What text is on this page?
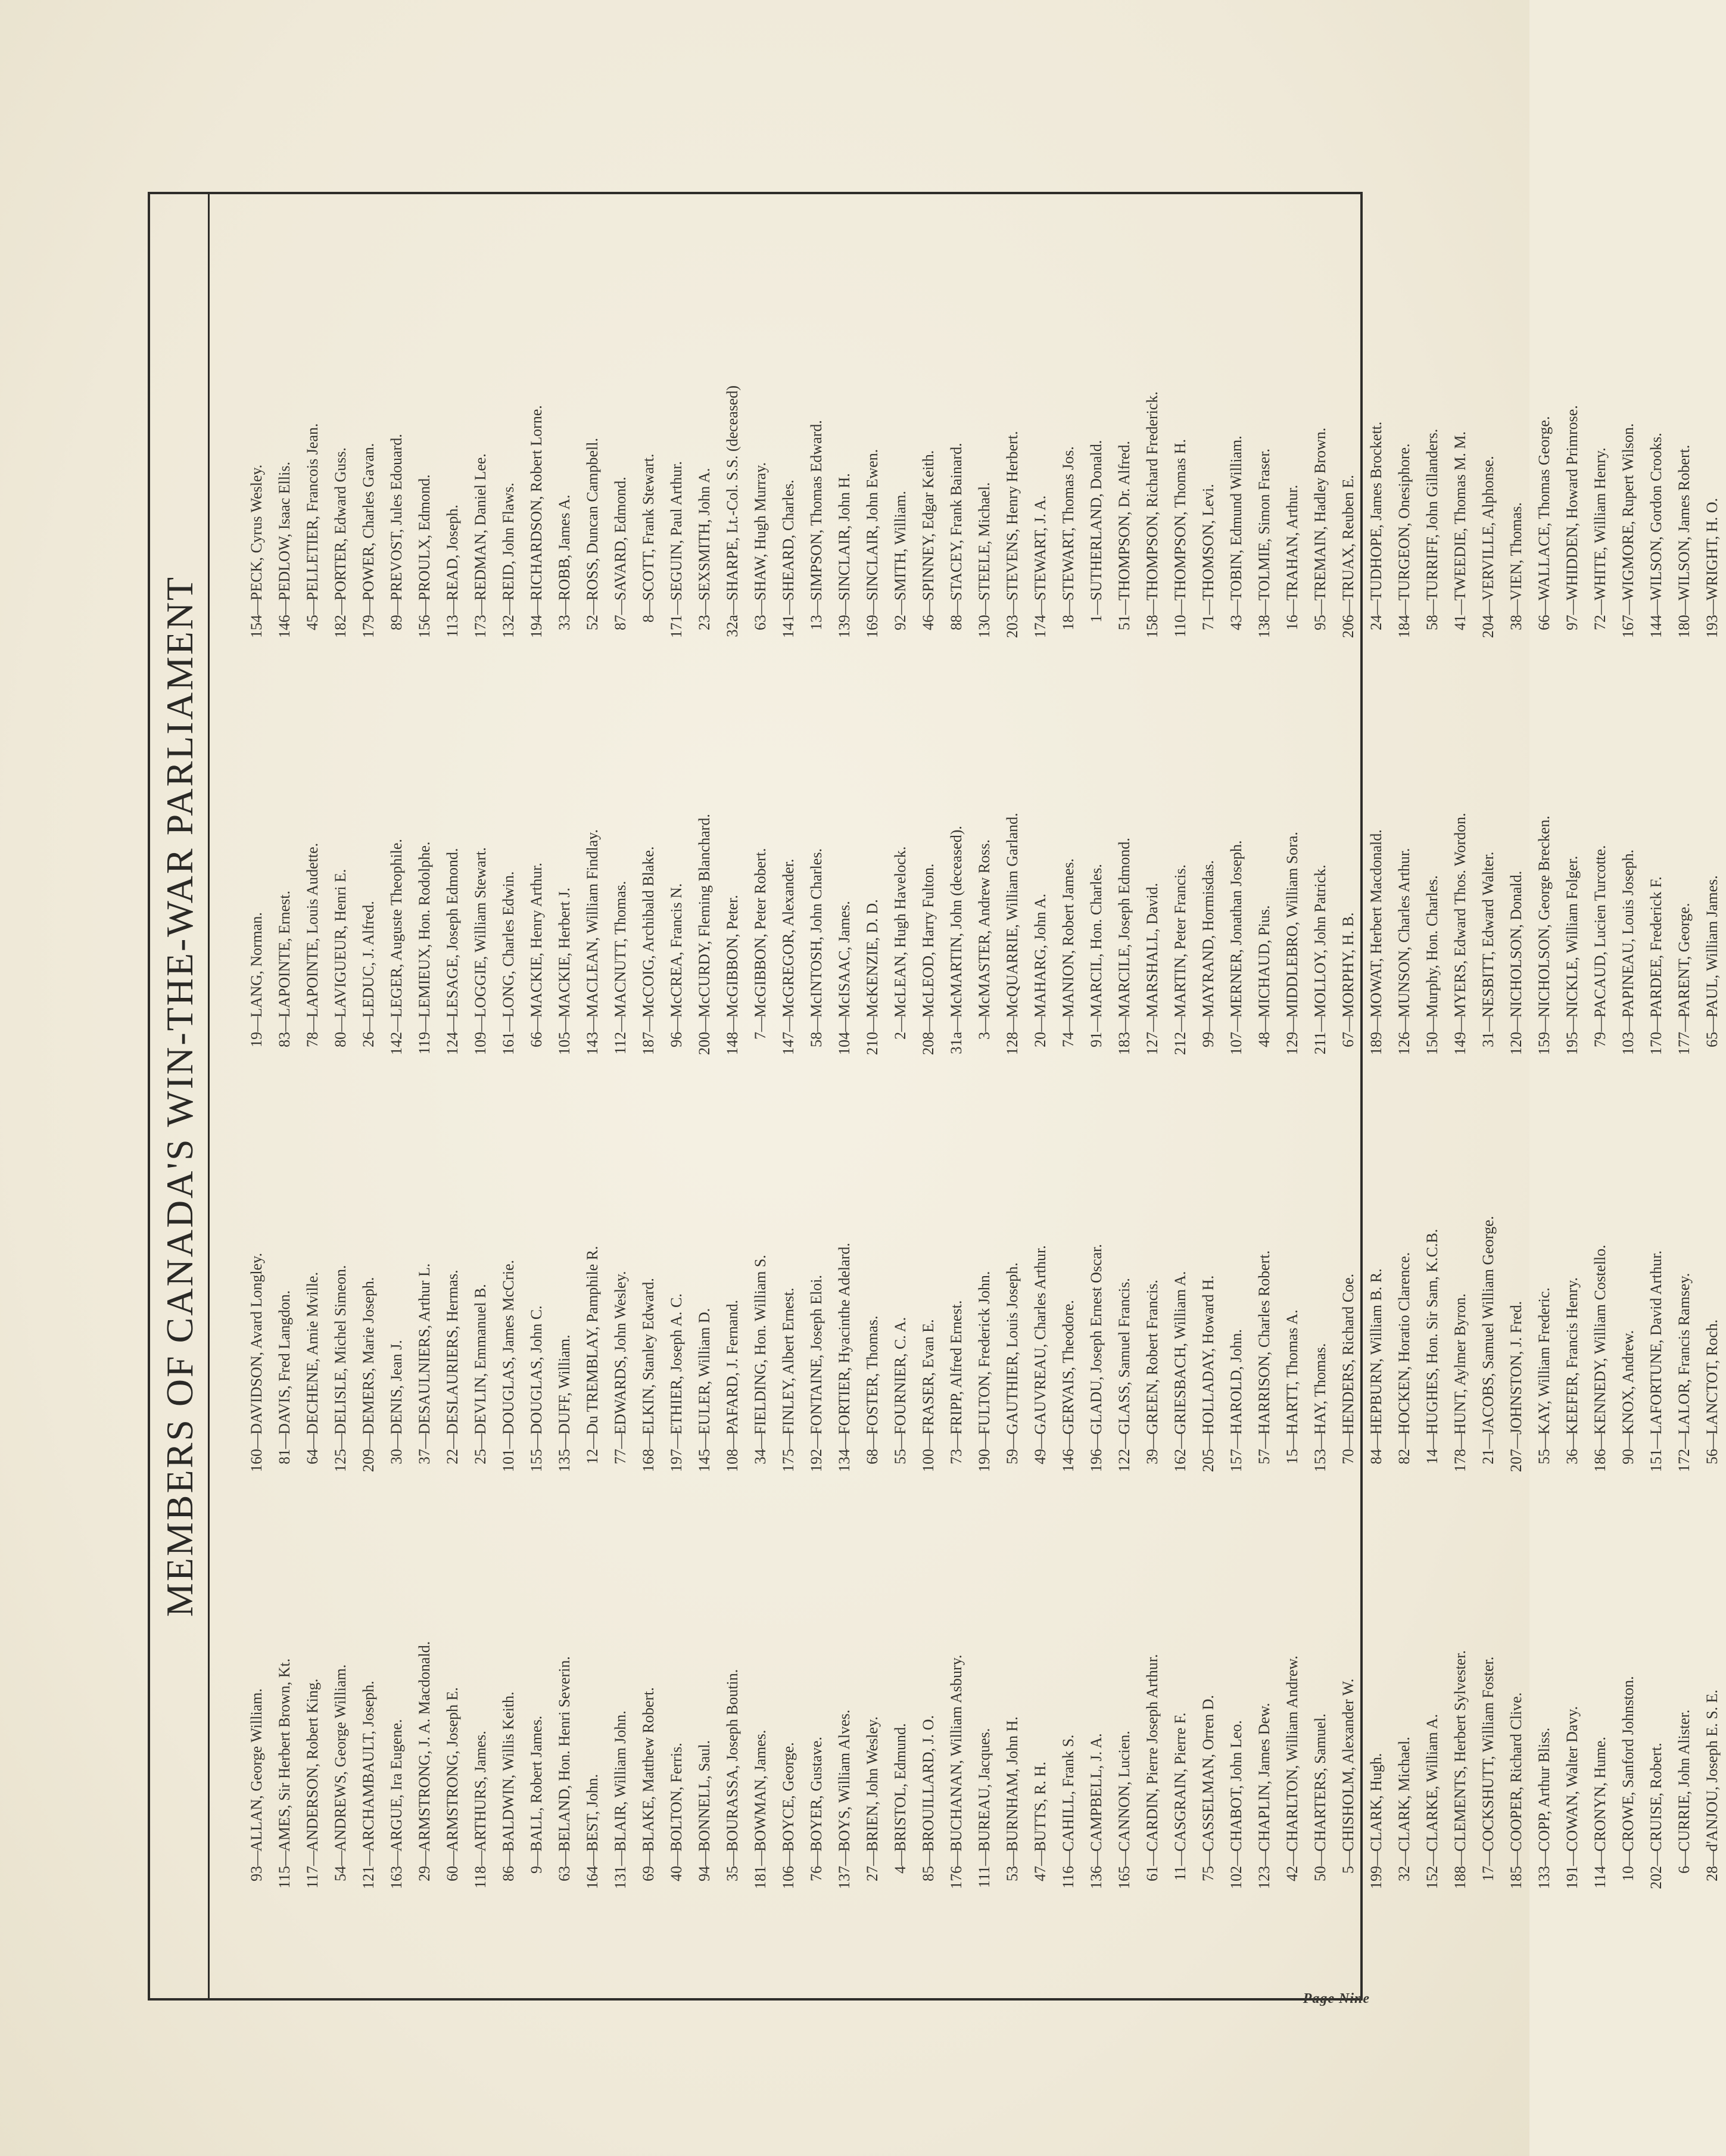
MEMBERS OF CANADA'S WIN-THE-WAR PARLIAMENT
93—ALLAN, George William.
115—AMES, Sir Herbert Brown, Kt.
117—ANDERSON, Robert King.
54—ANDREWS, George William.
121—ARCHAMBAULT, Joseph.
163—ARGUE, Ira Eugene.
29—ARMSTRONG, J. A. Macdonald.
60—ARMSTRONG, Joseph E.
118—ARTHURS, James.
86—BALDWIN, Willis Keith.
9—BALL, Robert James.
63—BELAND, Hon. Henri Severin.
164—BEST, John.
131—BLAIR, William John.
69—BLAKE, Matthew Robert.
40—BOLTON, Ferris.
94—BONNELL, Saul.
35—BOURASSA, Joseph Boutin.
181—BOWMAN, James.
106—BOYCE, George.
76—BOYER, Gustave.
137—BOYS, William Alves.
27—BRIEN, John Wesley.
4—BRISTOL, Edmund.
85—BROUILLARD, J. O.
176—BUCHANAN, William Asbury.
111—BUREAU, Jacques.
53—BURNHAM, John H.
47—BUTTS, R. H.
116—CAHILL, Frank S.
136—CAMPBELL, J. A.
165—CANNON, Lucien.
61—CARDIN, Pierre Joseph Arthur.
11—CASGRAIN, Pierre F.
75—CASSELMAN, Orren D.
102—CHABOT, John Leo.
123—CHAPLIN, James Dew.
42—CHARLTON, William Andrew.
50—CHARTERS, Samuel.
5—CHISHOLM, Alexander W.
199—CLARK, Hugh.
32—CLARK, Michael.
152—CLARKE, William A.
188—CLEMENTS, Herbert Sylvester.
17—COCKSHUTT, William Foster.
185—COOPER, Richard Clive.
133—COPP, Arthur Bliss.
191—COWAN, Walter Davy.
114—CRONYN, Hume.
10—CROWE, Sanford Johnston.
202—CRUISE, Robert.
6—CURRIE, John Alister.
28—d'ANJOU, Joseph E. S. E.
160—DAVIDSON, Avard Longley.
81—DAVIS, Fred Langdon.
64—DECHENE, Amie Mville.
125—DELISLE, Michel Simeon.
209—DEMERS, Marie Joseph.
30—DENIS, Jean J.
37—DESAULNIERS, Arthur L.
22—DESLAURIERS, Hermas.
25—DEVLIN, Emmanuel B.
101—DOUGLAS, James McCrie.
155—DOUGLAS, John C.
135—DUFF, William.
12—Du TREMBLAY, Pamphile R.
77—EDWARDS, John Wesley.
168—ELKIN, Stanley Edward.
197—ETHIER, Joseph A. C.
145—EULER, William D.
108—PAFARD, J. Fernand.
34—FIELDING, Hon. William S.
175—FINLEY, Albert Ernest.
192—FONTAINE, Joseph Eloi.
134—FORTIER, Hyacinthe Adelard.
68—FOSTER, Thomas.
55—FOURNIER, C. A.
100—FRASER, Evan E.
73—FRIPP, Alfred Ernest.
190—FULTON, Frederick John.
59—GAUTHIER, Louis Joseph.
49—GAUVREAU, Charles Arthur.
146—GERVAIS, Theodore.
196—GLADU, Joseph Ernest Oscar.
122—GLASS, Samuel Francis.
39—GREEN, Robert Francis.
162—GRIESBACH, William A.
205—HOLLADAY, Howard H.
157—HAROLD, John.
57—HARRISON, Charles Robert.
15—HARTT, Thomas A.
153—HAY, Thomas.
70—HENDERS, Richard Coe.
84—HEPBURN, William B. R.
82—HOCKEN, Horatio Clarence.
14—HUGHES, Hon. Sir Sam, K.C.B.
178—HUNT, Aylmer Byron.
21—JACOBS, Samuel William George.
207—JOHNSTON, J. Fred.
55—KAY, William Frederic.
36—KEEFER, Francis Henry.
186—KENNEDY, William Costello.
90—KNOX, Andrew.
151—LAFORTUNE, David Arthur.
172—LALOR, Francis Ramsey.
56—LANCTOT, Roch.
19—LANG, Norman.
83—LAPOINTE, Ernest.
78—LAPOINTE, Louis Audette.
80—LAVIGUEUR, Henri E.
26—LEDUC, J. Alfred.
142—LEGER, Auguste Theophile.
119—LEMIEUX, Hon. Rodolphe.
124—LESAGE, Joseph Edmond.
109—LOGGIE, William Stewart.
161—LONG, Charles Edwin.
66—MACKIE, Henry Arthur.
105—MACKIE, Herbert J.
143—MACLEAN, William Findlay.
112—MACNUTT, Thomas.
187—McCOIG, Archibald Blake.
96—McCREA, Francis N.
200—McCURDY, Fleming Blanchard.
148—McGIBBON, Peter.
7—McGIBBON, Peter Robert.
147—McGREGOR, Alexander.
58—McINTOSH, John Charles.
104—McISAAC, James.
210—McKENZIE, D. D.
2—McLEAN, Hugh Havelock.
208—McLEOD, Harry Fulton.
31a—McMARTIN, John (deceased).
3—McMASTER, Andrew Ross.
128—McQUARRIE, William Garland.
20—MAHARG, John A.
74—MANION, Robert James.
91—MARCIL, Hon. Charles.
183—MARCILE, Joseph Edmond.
127—MARSHALL, David.
212—MARTIN, Peter Francis.
99—MAYRAND, Hormisdas.
107—MERNER, Jonathan Joseph.
48—MICHAUD, Pius.
129—MIDDLEBRO, William Sora.
211—MOLLOY, John Patrick.
67—MORPHY, H. B.
189—MOWAT, Herbert Macdonald.
126—MUNSON, Charles Arthur.
150—Murphy, Hon. Charles.
149—MYERS, Edward Thos. Wordon.
31—NESBITT, Edward Walter.
120—NICHOLSON, Donald.
159—NICHOLSON, George Brecken.
195—NICKLE, William Folger.
79—PACAUD, Lucien Turcotte.
103—PAPINEAU, Louis Joseph.
170—PARDEE, Frederick F.
177—PARENT, George.
65—PAUL, William James.
154—PECK, Cyrus Wesley.
146—PEDLOW, Isaac Ellis.
45—PELLETIER, Francois Jean.
182—PORTER, Edward Guss.
179—POWER, Charles Gavan.
89—PREVOST, Jules Edouard.
156—PROULX, Edmond.
113—READ, Joseph.
173—REDMAN, Daniel Lee.
132—REID, John Flaws.
194—RICHARDSON, Robert Lorne.
33—ROBB, James A.
52—ROSS, Duncan Campbell.
87—SAVARD, Edmond.
8—SCOTT, Frank Stewart.
171—SEGUIN, Paul Arthur.
23—SEXSMITH, John A.
32a—SHARPE, Lt.-Col. S.S. (deceased)
63—SHAW, Hugh Murray.
141—SHEARD, Charles.
13—SIMPSON, Thomas Edward.
139—SINCLAIR, John H.
169—SINCLAIR, John Ewen.
92—SMITH, William.
46—SPINNEY, Edgar Keith.
88—STACEY, Frank Bainard.
130—STEELE, Michael.
203—STEVENS, Henry Herbert.
174—STEWART, J. A.
18—STEWART, Thomas Jos.
1—SUTHERLAND, Donald.
51—THOMPSON, Dr. Alfred.
158—THOMPSON, Richard Frederick.
110—THOMPSON, Thomas H.
71—THOMSON, Levi.
43—TOBIN, Edmund William.
138—TOLMIE, Simon Fraser.
16—TRAHAN, Arthur.
95—TREMAIN, Hadley Brown.
206—TRUAX, Reuben E.
24—TUDHOPE, James Brockett.
184—TURGEON, Onesiphore.
58—TURRIFF, John Gillanders.
41—TWEEDIE, Thomas M. M.
204—VERVILLE, Alphonse.
38—VIEN, Thomas.
66—WALLACE, Thomas George.
97—WHIDDEN, Howard Primrose.
72—WHITE, William Henry.
167—WIGMORE, Rupert Wilson.
144—WILSON, Gordon Crooks.
180—WILSON, James Robert.
193—WRIGHT, H. O.
Page Nine
